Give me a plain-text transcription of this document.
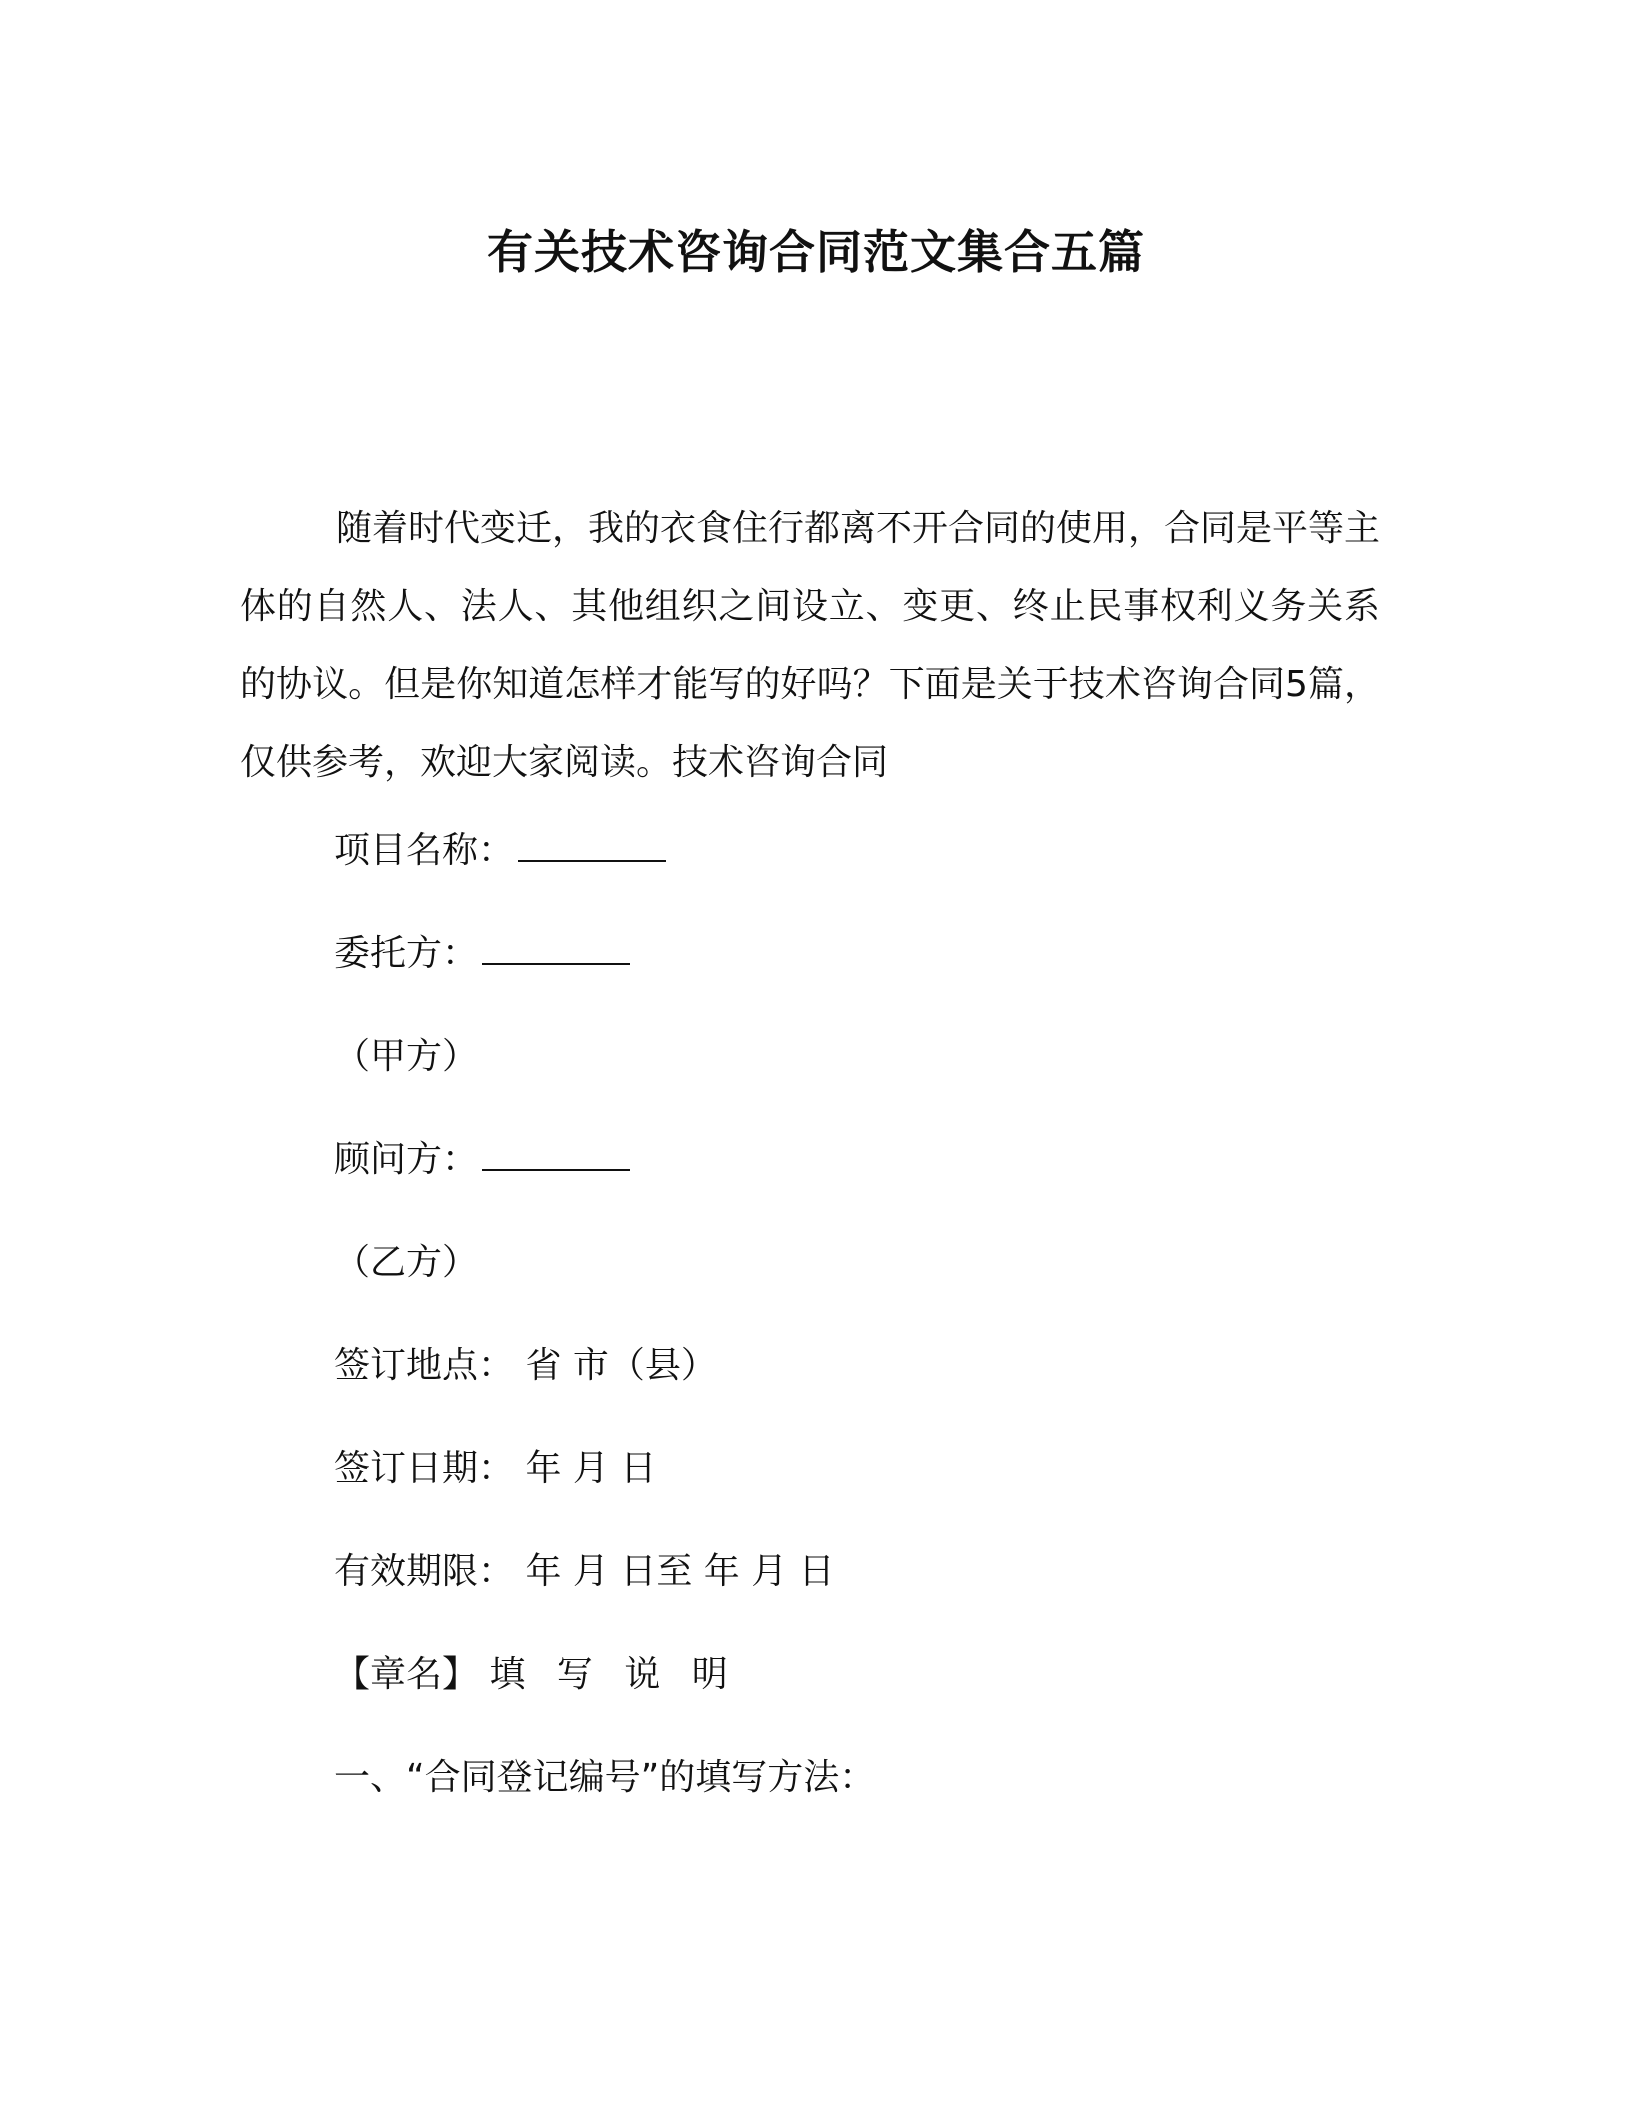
有关技术咨询合同范文集合五篇

随着时代变迁，我的衣食住行都离不开合同的使用，合同是平等主体的自然人、法人、其他组织之间设立、变更、终止民事权利义务关系的协议。但是你知道怎样才能写的好吗？下面是关于技术咨询合同5篇，仅供参考，欢迎大家阅读。技术咨询合同

项目名称：
委托方：
（甲方）
顾问方：
（乙方）
签订地点： 省 市（县）
签订日期： 年 月 日
有效期限： 年 月 日至 年 月 日
【章名】 填 写 说 明
一、“合同登记编号”的填写方法：
